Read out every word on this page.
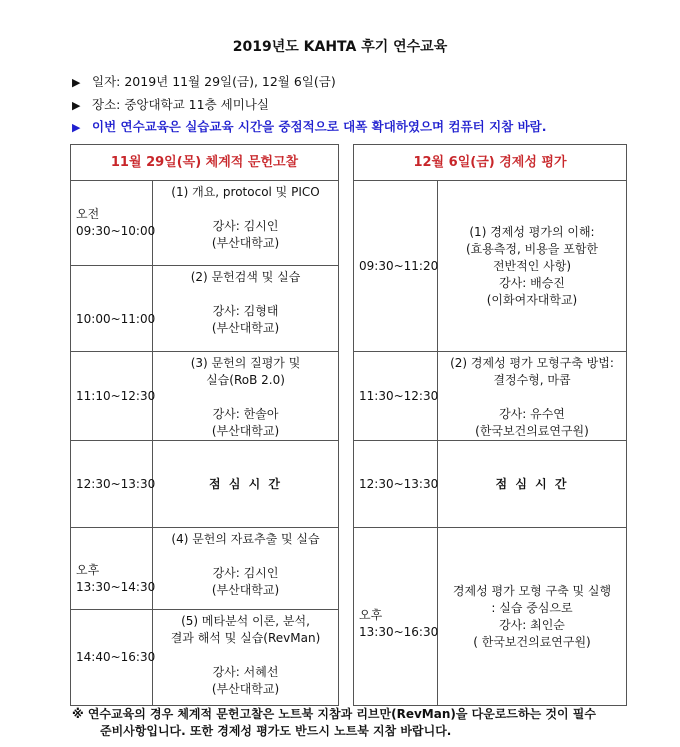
2019년도 KAHTA 후기 연수교육
▶ 일자: 2019년 11월 29일(금), 12월 6일(금)
▶ 장소: 중앙대학교 11층 세미나실
▶ 이번 연수교육은 실습교육 시간을 중점적으로 대폭 확대하였으며 컴퓨터 지참 바람.
11월 29일(목) 체계적 문헌고찰	

오전
09:30~10:00	(1) 개요, protocol 및 PICO
강사: 김시인
(부산대학교)

10:00~11:00	(2) 문헌검색 및 실습
강사: 김형태
(부산대학교)

11:10~12:30	(3) 문헌의 질평가 및
실습(RoB 2.0)
강사: 한솔아
(부산대학교)

12:30~13:30	점 심 시 간

오후
13:30~14:30	(4) 문헌의 자료추출 및 실습
강사: 김시인
(부산대학교)

14:40~16:30	(5) 메타분석 이론, 분석,
결과 해석 및 실습(RevMan)
강사: 서혜선
(부산대학교)
12월 6일(금) 경제성 평가	

09:30~11:20	(1) 경제성 평가의 이해:
(효용측정, 비용을 포함한
전반적인 사항)
강사: 배승진
(이화여자대학교)

11:30~12:30	(2) 경제성 평가 모형구축 방법:
결정수형, 마콥
강사: 유수연
(한국보건의료연구원)

12:30~13:30	점 심 시 간

오후
13:30~16:30	경제성 평가 모형 구축 및 실행
: 실습 중심으로
강사: 최인순
( 한국보건의료연구원)
※ 연수교육의 경우 체계적 문헌고찰은 노트북 지참과 리브만(RevMan)을 다운로드하는 것이 필수
준비사항입니다. 또한 경제성 평가도 반드시 노트북 지참 바랍니다.
